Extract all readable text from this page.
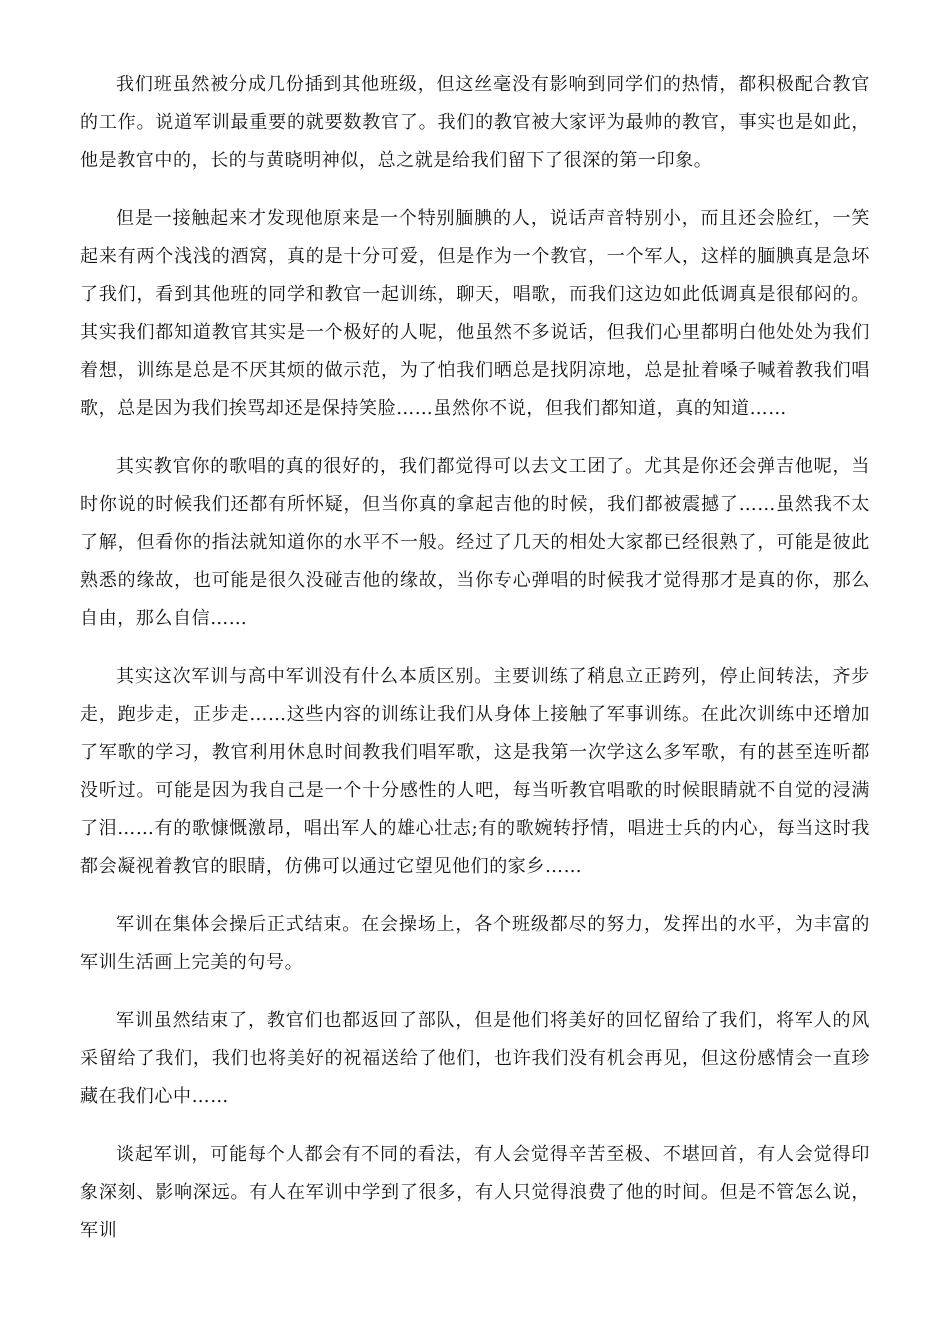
我们班虽然被分成几份插到其他班级，但这丝毫没有影响到同学们的热情，都积极配合教官的工作。说道军训最重要的就要数教官了。我们的教官被大家评为最帅的教官，事实也是如此，他是教官中的，长的与黄晓明神似，总之就是给我们留下了很深的第一印象。

但是一接触起来才发现他原来是一个特别腼腆的人，说话声音特别小，而且还会脸红，一笑起来有两个浅浅的酒窝，真的是十分可爱，但是作为一个教官，一个军人，这样的腼腆真是急坏了我们，看到其他班的同学和教官一起训练，聊天，唱歌，而我们这边如此低调真是很郁闷的。其实我们都知道教官其实是一个极好的人呢，他虽然不多说话，但我们心里都明白他处处为我们着想，训练是总是不厌其烦的做示范，为了怕我们晒总是找阴凉地，总是扯着嗓子喊着教我们唱歌，总是因为我们挨骂却还是保持笑脸……虽然你不说，但我们都知道，真的知道……

其实教官你的歌唱的真的很好的，我们都觉得可以去文工团了。尤其是你还会弹吉他呢，当时你说的时候我们还都有所怀疑，但当你真的拿起吉他的时候，我们都被震撼了……虽然我不太了解，但看你的指法就知道你的水平不一般。经过了几天的相处大家都已经很熟了，可能是彼此熟悉的缘故，也可能是很久没碰吉他的缘故，当你专心弹唱的时候我才觉得那才是真的你，那么自由，那么自信……

其实这次军训与高中军训没有什么本质区别。主要训练了稍息立正跨列，停止间转法，齐步走，跑步走，正步走……这些内容的训练让我们从身体上接触了军事训练。在此次训练中还增加了军歌的学习，教官利用休息时间教我们唱军歌，这是我第一次学这么多军歌，有的甚至连听都没听过。可能是因为我自己是一个十分感性的人吧，每当听教官唱歌的时候眼睛就不自觉的浸满了泪……有的歌慷慨激昂，唱出军人的雄心壮志;有的歌婉转抒情，唱进士兵的内心，每当这时我都会凝视着教官的眼睛，仿佛可以通过它望见他们的家乡……

军训在集体会操后正式结束。在会操场上，各个班级都尽的努力，发挥出的水平，为丰富的军训生活画上完美的句号。

军训虽然结束了，教官们也都返回了部队，但是他们将美好的回忆留给了我们，将军人的风采留给了我们，我们也将美好的祝福送给了他们，也许我们没有机会再见，但这份感情会一直珍藏在我们心中……

谈起军训，可能每个人都会有不同的看法，有人会觉得辛苦至极、不堪回首，有人会觉得印象深刻、影响深远。有人在军训中学到了很多，有人只觉得浪费了他的时间。但是不管怎么说，军训
